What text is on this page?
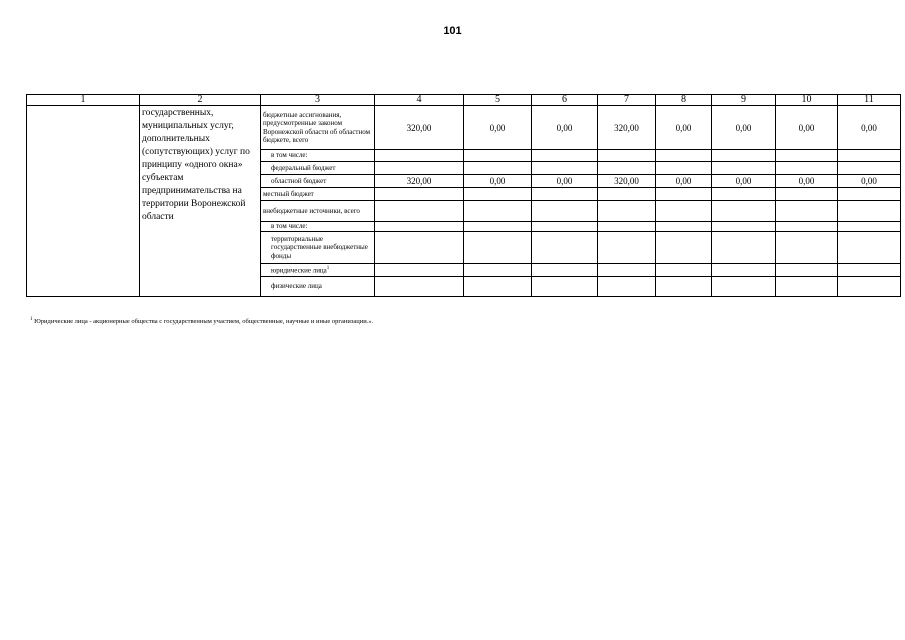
101
1	2	3	4	5	6	7	8	9	10	11
	государственных, муниципальных услуг, дополнительных (сопутствующих) услуг по принципу «одного окна» субъектам предпринимательства на территории Воронежской области	бюджетные ассигнования, предусмотренные законом Воронежской области об областном бюджете, всего	320,00	0,00	0,00	320,00	0,00	0,00	0,00	0,00
		в том числе:								
		федеральный бюджет								
		областной бюджет	320,00	0,00	0,00	320,00	0,00	0,00	0,00	0,00
		местный бюджет								
		внебюджетные источники, всего								
		в том числе:								
		территориальные государственные внебюджетные фонды								
		юридические лица$^1$								
		физические лица								
$^1$ Юридические лица - акционерные общества с государственным участием, общественные, научные и иные организации.».
